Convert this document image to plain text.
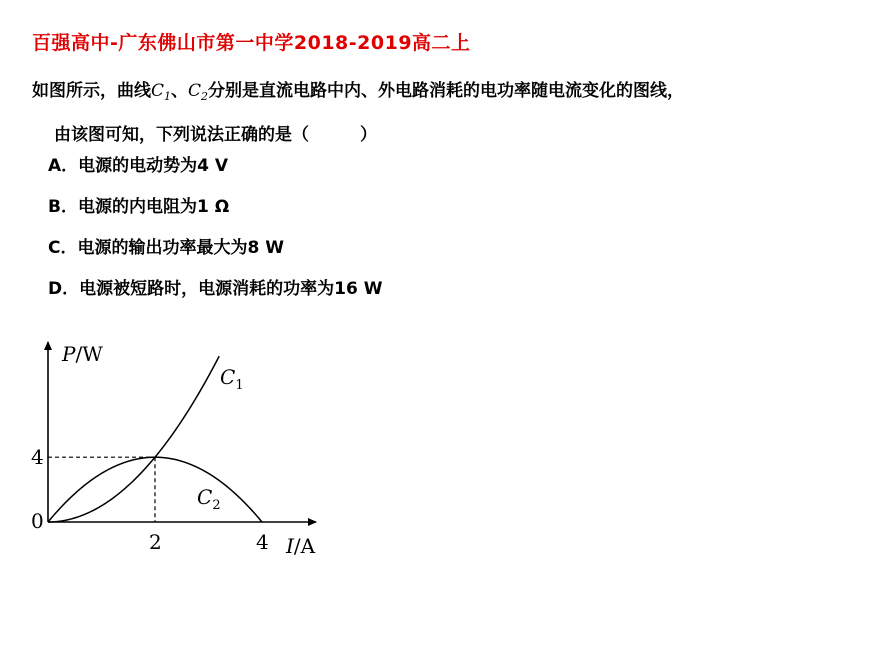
百强高中-广东佛山市第一中学2018-2019高二上
如图所示，曲线$C_1$、$C_2$分别是直流电路中内、外电路消耗的电功率随电流变化的图线，
由该图可知，下列说法正确的是（　　　）
A．电源的电动势为4 V
B．电源的内电阻为1 Ω
C．电源的输出功率最大为8 W
D．电源被短路时，电源消耗的功率为16 W
0
2	4
4
P/W
I/A
$C_1$
$C_2$
